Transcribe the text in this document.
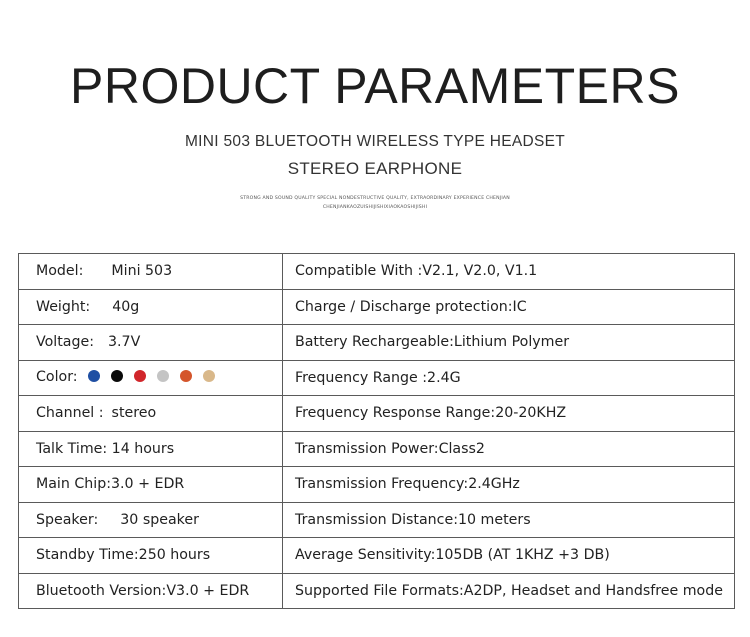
PRODUCT PARAMETERS
MINI 503 BLUETOOTH WIRELESS TYPE HEADSET
STEREO EARPHONE
STRONG AND SOUND QUALITY SPECIAL NONDESTRUCTIVE QUALITY, EXTRAORDINARY EXPERIENCE CHENJIAN
CHENJIANKAOZUISHIJISHIXIAOKAOSHIJISHI
Model: Mini 503	Compatible With :V2.1, V2.0, V1.1
Weight: 40g	Charge / Discharge protection:IC
Voltage: 3.7V	Battery Rechargeable:Lithium Polymer
Color:	Frequency Range :2.4G
Channel : stereo	Frequency Response Range:20-20KHZ
Talk Time: 14 hours	Transmission Power:Class2
Main Chip:3.0 + EDR	Transmission Frequency:2.4GHz
Speaker: 30 speaker	Transmission Distance:10 meters
Standby Time:250 hours	Average Sensitivity:105DB (AT 1KHZ +3 DB)
Bluetooth Version:V3.0 + EDR	Supported File Formats:A2DP, Headset and Handsfree mode
